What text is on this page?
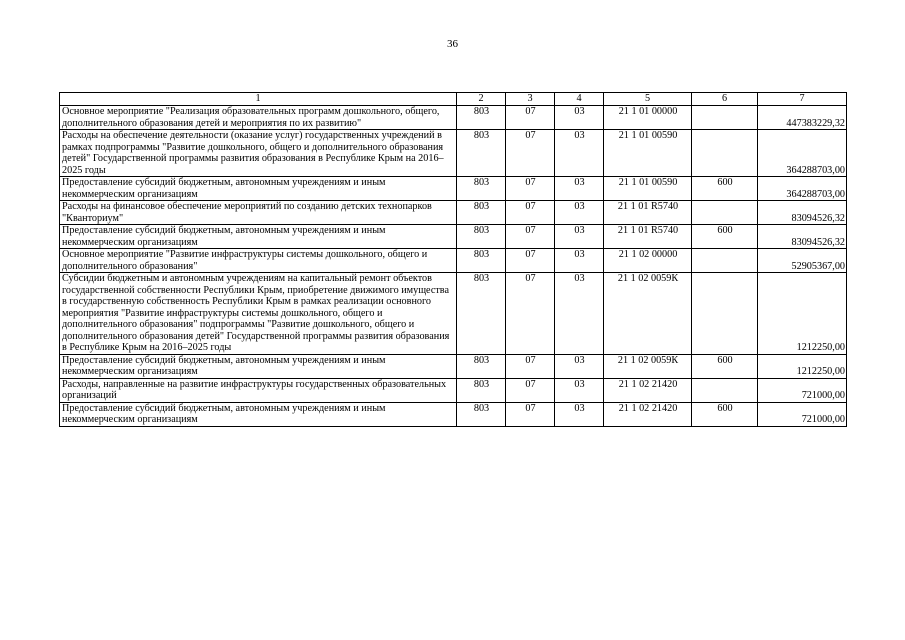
36
1	2	3	4	5	6	7
Основное мероприятие "Реализация образовательных программ дошкольного, общего, дополнительного образования детей и мероприятия по их развитию"	803	07	03	21 1 01 00000		447383229,32
Расходы на обеспечение деятельности (оказание услуг) государственных учреждений в рамках подпрограммы "Развитие дошкольного, общего и дополнительного образования детей" Государственной программы развития образования в Республике Крым на 2016–2025 годы	803	07	03	21 1 01 00590		364288703,00
Предоставление субсидий бюджетным, автономным учреждениям и иным некоммерческим организациям	803	07	03	21 1 01 00590	600	364288703,00
Расходы на финансовое обеспечение мероприятий по созданию детских технопарков "Кванториум"	803	07	03	21 1 01 R5740		83094526,32
Предоставление субсидий бюджетным, автономным учреждениям и иным некоммерческим организациям	803	07	03	21 1 01 R5740	600	83094526,32
Основное мероприятие "Развитие инфраструктуры системы дошкольного, общего и дополнительного образования"	803	07	03	21 1 02 00000		52905367,00
Субсидии бюджетным и автономным учреждениям на капитальный ремонт объектов государственной собственности Республики Крым, приобретение движимого имущества в государственную собственность Республики Крым в рамках реализации основного мероприятия "Развитие инфраструктуры системы дошкольного, общего и дополнительного образования" подпрограммы "Развитие дошкольного, общего и дополнительного образования детей" Государственной программы развития образования в Республике Крым на 2016–2025 годы	803	07	03	21 1 02 0059К		1212250,00
Предоставление субсидий бюджетным, автономным учреждениям и иным некоммерческим организациям	803	07	03	21 1 02 0059К	600	1212250,00
Расходы, направленные на развитие инфраструктуры государственных образовательных организаций	803	07	03	21 1 02 21420		721000,00
Предоставление субсидий бюджетным, автономным учреждениям и иным некоммерческим организациям	803	07	03	21 1 02 21420	600	721000,00
